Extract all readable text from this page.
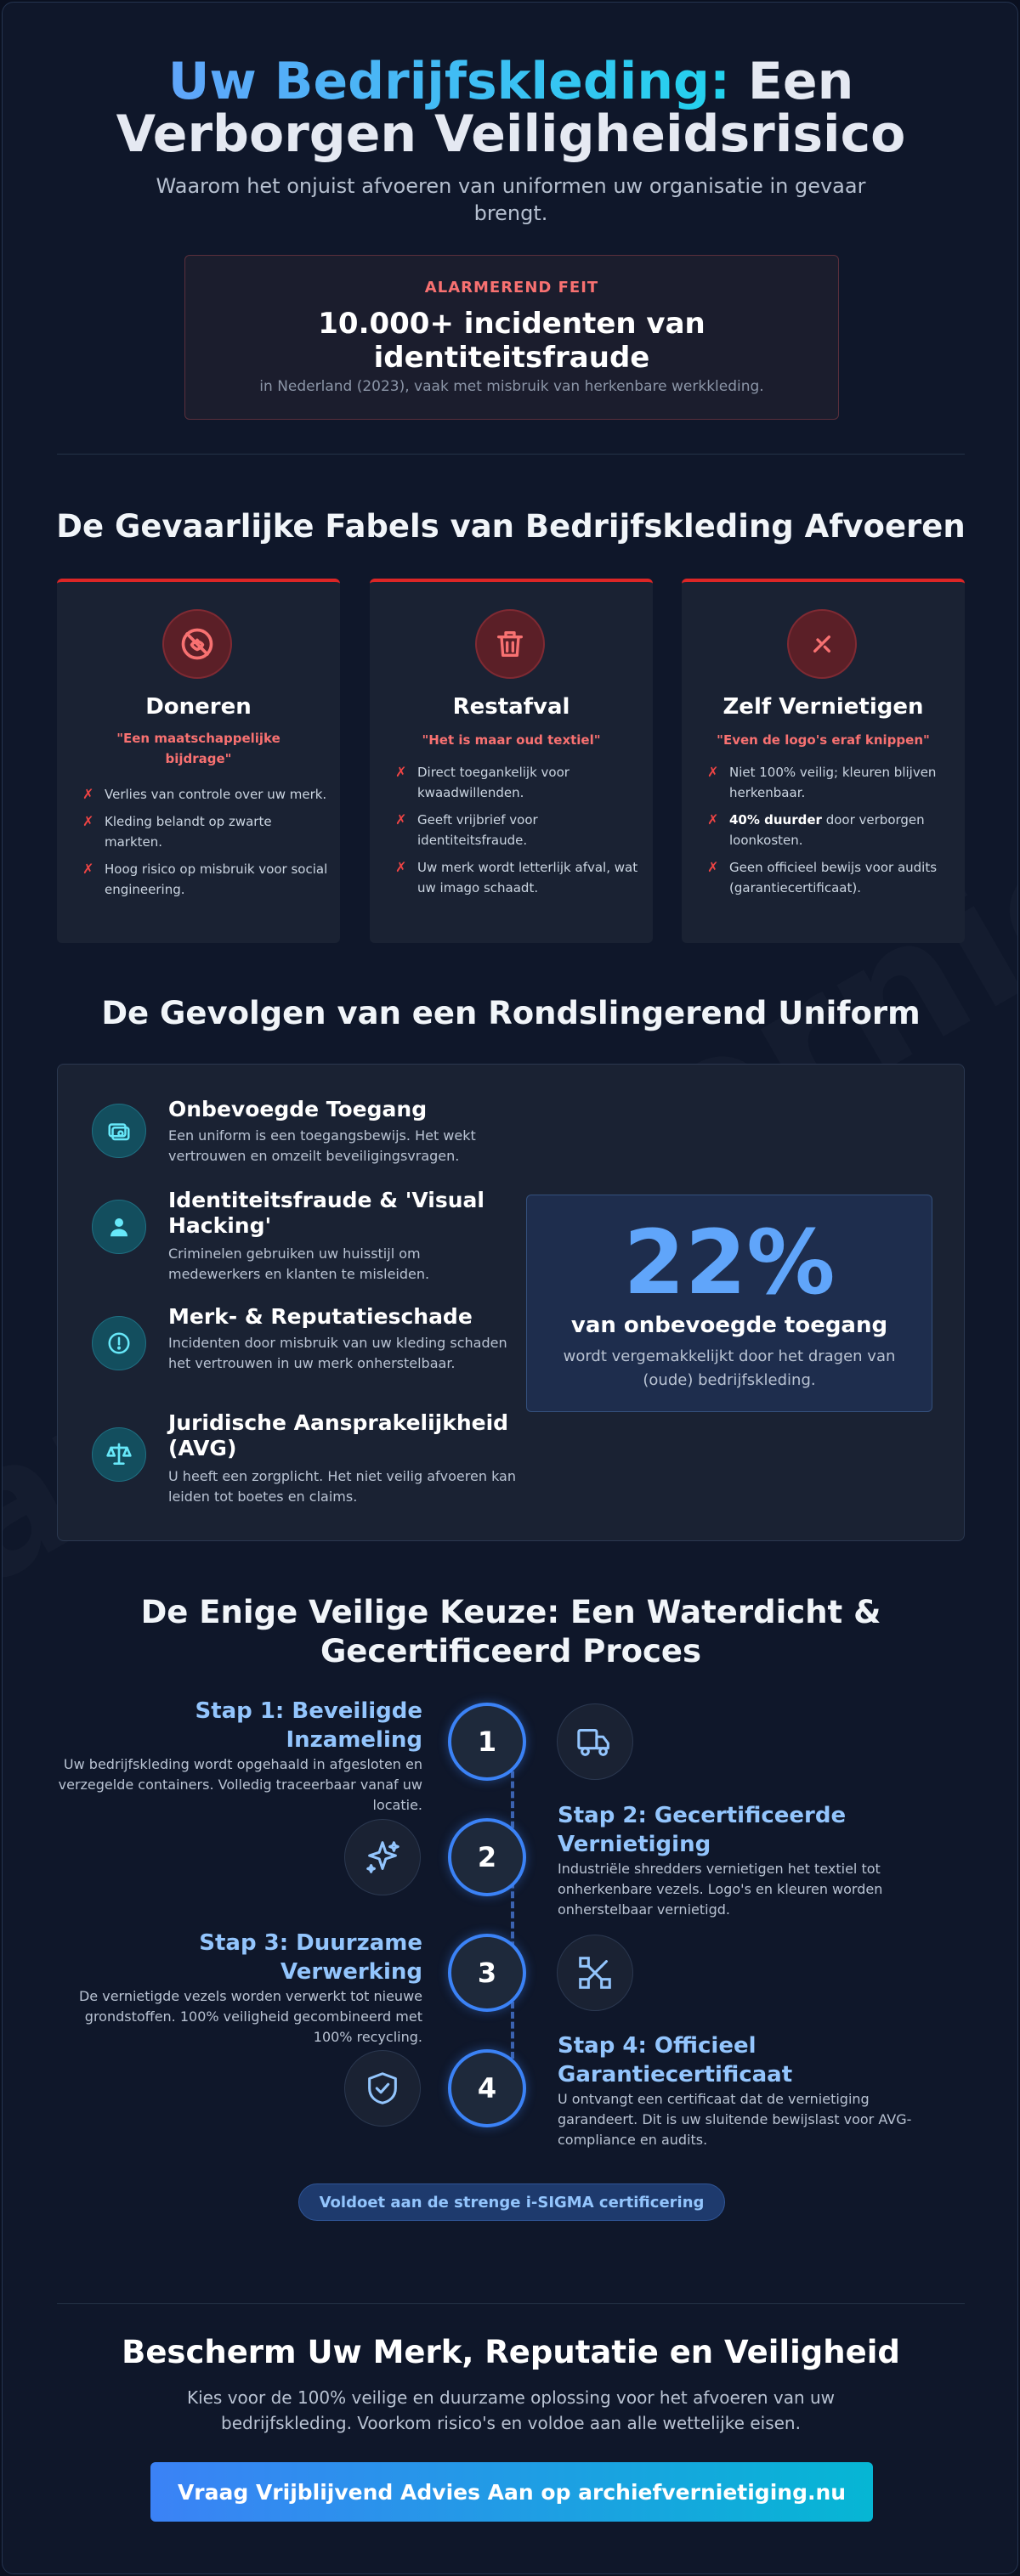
Uw Bedrijfskleding: Een
Verborgen Veiligheidsrisico
Waarom het onjuist afvoeren van uniformen uw organisatie in gevaar brengt.
ALARMEREND FEIT
10.000+ incidenten van identiteitsfraude
in Nederland (2023), vaak met misbruik van herkenbare werkkleding.
De Gevaarlijke Fabels van Bedrijfskleding Afvoeren
Doneren
"Een maatschappelijke bijdrage"
✗ Verlies van controle over uw merk.
✗ Kleding belandt op zwarte markten.
✗ Hoog risico op misbruik voor social engineering.
Restafval
"Het is maar oud textiel"
✗ Direct toegankelijk voor kwaadwillenden.
✗ Geeft vrijbrief voor identiteitsfraude.
✗ Uw merk wordt letterlijk afval, wat uw imago schaadt.
Zelf Vernietigen
"Even de logo's eraf knippen"
✗ Niet 100% veilig; kleuren blijven herkenbaar.
✗ 40% duurder door verborgen loonkosten.
✗ Geen officieel bewijs voor audits (garantiecertificaat).
De Gevolgen van een Rondslingerend Uniform
Onbevoegde Toegang
Een uniform is een toegangsbewijs. Het wekt vertrouwen en omzeilt beveiligingsvragen.
Identiteitsfraude & 'Visual Hacking'
Criminelen gebruiken uw huisstijl om medewerkers en klanten te misleiden.
Merk- & Reputatieschade
Incidenten door misbruik van uw kleding schaden het vertrouwen in uw merk onherstelbaar.
Juridische Aansprakelijkheid (AVG)
U heeft een zorgplicht. Het niet veilig afvoeren kan leiden tot boetes en claims.
22%
van onbevoegde toegang
wordt vergemakkelijkt door het dragen van (oude) bedrijfskleding.
De Enige Veilige Keuze: Een Waterdicht &
Gecertificeerd Proces
Stap 1: Beveiligde Inzameling
Uw bedrijfskleding wordt opgehaald in afgesloten en verzegelde containers. Volledig traceerbaar vanaf uw locatie.
1
2
Stap 2: Gecertificeerde Vernietiging
Industriële shredders vernietigen het textiel tot onherkenbare vezels. Logo's en kleuren worden onherstelbaar vernietigd.
Stap 3: Duurzame Verwerking
De vernietigde vezels worden verwerkt tot nieuwe grondstoffen. 100% veiligheid gecombineerd met 100% recycling.
3
4
Stap 4: Officieel Garantiecertificaat
U ontvangt een certificaat dat de vernietiging garandeert. Dit is uw sluitende bewijslast voor AVG-compliance en audits.
Voldoet aan de strenge i-SIGMA certificering
Bescherm Uw Merk, Reputatie en Veiligheid
Kies voor de 100% veilige en duurzame oplossing voor het afvoeren van uw bedrijfskleding. Voorkom risico's en voldoe aan alle wettelijke eisen.
Vraag Vrijblijvend Advies Aan op archiefvernietiging.nu
